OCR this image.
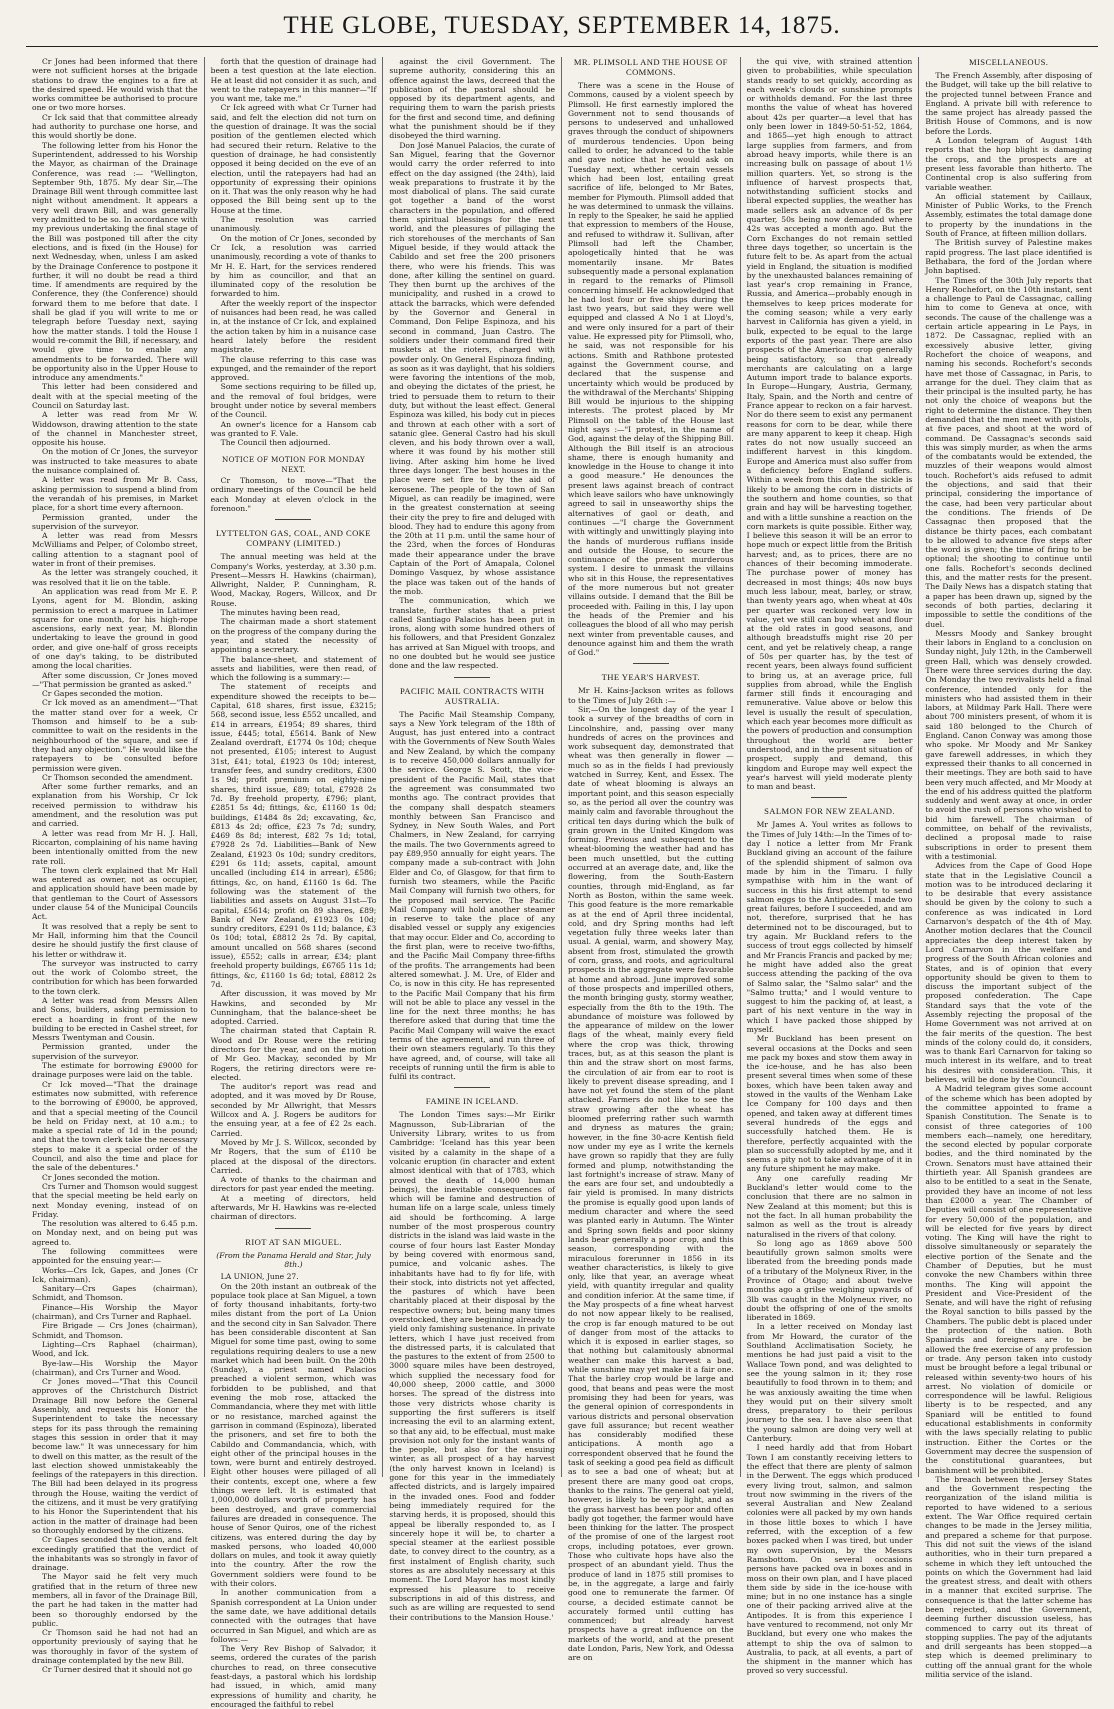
THE GLOBE, TUESDAY, SEPTEMBER 14, 1875.

Cr Jones had been informed that there were not sufficient horses at the brigade stations to draw the engines to a fire at the desired speed. He would wish that the works committee be authorised to procure one or two more horses.

Cr Ick said that that committee already had authority to purchase one horse, and this would shortly be done.

The following letter from his Honor the Superintendent, addressed to his Worship the Mayor, as chairman of the Drainage Conference, was read :— "Wellington, September 9th, 1875. My dear Sir,—The Drainage Bill went through committee last night without amendment. It appears a very well drawn Bill, and was generally very admitted to be so. In accordance with my previous undertaking the final stage of the Bill was postponed till after the city elections, and is fixed (in the House) for next Wednesday, when, unless I am asked by the Drainage Conference to postpone it further, it will no doubt be read a third time. If amendments are required by the Conference, they (the Conference) should forward them to me before that date. I shall be glad if you will write to me or telegraph before Tuesday next, saying how the matter stands. I told the House I would re-commit the Bill, if necessary, and would give time to enable any amendments to be forwarded. There will be opportunity also in the Upper House to introduce any amendments."

This letter had been considered and dealt with at the special meeting of the Council on Saturday last.

A letter was read from Mr W. Widdowson, drawing attention to the state of the channel in Manchester street, opposite his house.

On the motion of Cr Jones, the surveyor was instructed to take measures to abate the nuisance complained of.

A letter was read from Mr B. Cass, asking permission to suspend a blind from the verandah of his premises, in Market place, for a short time every afternoon.

Permission granted, under the supervision of the surveyor.

A letter was read from Messrs McWilliams and Pelper, of Colombo street, calling attention to a stagnant pool of water in front of their premises.

As the letter was strangely couched, it was resolved that it lie on the table.

An application was read from Mr E. P. Lyons, agent for M. Blondin, asking permission to erect a marquee in Latimer square for one month, for his high-rope ascensions, early next year, M. Blondin undertaking to leave the ground in good order, and give one-half of gross receipts of one day's taking, to be distributed among the local charities.

After some discussion, Cr Jones moved—"That permission be granted as asked."

Cr Gapes seconded the motion.

Cr Ick moved as an amendment—"That the matter stand over for a week, Cr Thomson and himself to be a sub-committee to wait on the residents in the neighbourhood of the square, and see if they had any objection." He would like the ratepayers to be consulted before permission were given.

Cr Thomson seconded the amendment.

After some further remarks, and an explanation from his Worship, Cr Ick received permission to withdraw his amendment, and the resolution was put and carried.

A letter was read from Mr H. J. Hall, Riccarton, complaining of his name having been intentionally omitted from the new rate roll.

The town clerk explained that Mr Hall was entered as owner, not as occupier, and application should have been made by that gentleman to the Court of Assessors under clause 54 of the Municipal Councils Act.

It was resolved that a reply be sent to Mr Hall, informing him that the Council desire he should justify the first clause of his letter or withdraw it.

The surveyor was instructed to carry out the work of Colombo street, the contribution for which has been forwarded to the town clerk.

A letter was read from Messrs Allen and Sons, builders, asking permission to erect a hoarding in front of the new building to be erected in Cashel street, for Messrs Twentyman and Cousin.

Permission granted, under the supervision of the surveyor.

The estimate for borrowing £9000 for drainage purposes were laid on the table.

Cr Ick moved—"That the drainage estimates now submitted, with reference to the borrowing of £9000, be approved, and that a special meeting of the Council be held on Friday next, at 10 a.m.; to make a special rate of 1d in the pound; and that the town clerk take the necessary steps to make it a special order of the Council, and also the time and place for the sale of the debentures."

Cr Jones seconded the motion.

Crs Turner and Thomson would suggest that the special meeting be held early on next Monday evening, instead of on Friday.

The resolution was altered to 6.45 p.m. on Monday next, and on being put was agreed to.

The following committees were appointed for the ensuing year:—

Works—Crs Ick, Gapes, and Jones (Cr Ick, chairman).

Sanitary—Crs Gapes (chairman), Schmidt, and Thomson.

Finance—His Worship the Mayor (chairman), and Crs Turner and Raphael.

Fire Brigade — Crs Jones (chairman), Schmidt, and Thomson.

Lighting—Crs Raphael (chairman), Wood, and Ick.

Bye-law—His Worship the Mayor (chairman), and Crs Turner and Wood.

Cr Jones moved—"That this Council approves of the Christchurch District Drainage Bill now before the General Assembly, and requests his Honor the Superintendent to take the necessary steps for its pass through the remaining stages this session in order that it may become law." It was unnecessary for him to dwell on this matter, as the result of the last election showed unmistakeably the feelings of the ratepayers in this direction. The Bill had been delayed in its progress through the House, waiting the verdict of the citizens, and it must be very gratifying to his Honor the Superintendent that his action in the matter of drainage had been so thoroughly endorsed by the citizens.

Cr Gapes seconded the motion, and felt exceedingly gratified that the verdict of the inhabitants was so strongly in favor of drainage.

The Mayor said he felt very much gratified that in the return of three new members, all in favor of the Drainage Bill, the part he had taken in the matter had been so thoroughly endorsed by the public.

Cr Thomson said he had not had an opportunity previously of saying that he was thoroughly in favor of the system of drainage contemplated by the new Bill.

Cr Turner desired that it should not go

forth that the question of drainage had been a test question at the late election. He at least did not consider it as such, and went to the ratepayers in this manner—"If you want me, take me."

Cr Ick agreed with what Cr Turner had said, and felt the election did not turn on the question of drainage. It was the social position of the gentlemen elected which had secured their return. Relative to the question of drainage, he had consistently opposed it being decided on the eve of an election, until the ratepayers had had an opportunity of expressing their opinions on it. That was the only reason why he had opposed the Bill being sent up to the House at the time.

The resolution was carried unanimously.

On the motion of Cr Jones, seconded by Cr Ick, a resolution was carried unanimously, recording a vote of thanks to Mr H. E. Hart, for the services rendered by him as councillor, and that an illuminated copy of the resolution be forwarded to him.

After the weekly report of the inspector of nuisances had been read, he was called in, at the instance of Cr Ick, and explained the action taken by him in a nuisance case heard lately before the resident magistrate.

The clause referring to this case was expunged, and the remainder of the report approved.

Some sections requiring to be filled up, and the removal of foul bridges, were brought under notice by several members of the Council.

An owner's licence for a Hansom cab was granted to F. Vale.

The Council then adjourned.

NOTICE OF MOTION FOR MONDAY NEXT.

Cr Thomson, to move—"That the ordinary meetings of the Council be held each Monday at eleven o'clock in the forenoon."

LYTTELTON GAS, COAL, AND COKE COMPANY (LIMITED.)

The annual meeting was held at the Company's Works, yesterday, at 3.30 p.m. Present—Messrs H. Hawkins (chairman), Allwright, Nalder, P. Cunningham, R. Wood, Mackay, Rogers, Willcox, and Dr Rouse.

The minutes having been read,

The chairman made a short statement on the progress of the company during the year, and stated the necessity of appointing a secretary.

The balance-sheet, and statement of assets and liabilities, were then read, of which the following is a summary:—

The statement of receipts and expenditure showed the receipts to be—Capital, 618 shares, first issue, £3215; 568, second issue, less £552 uncalled, and £14 in arrears, £1954; 89 shares, third issue, £445; total, £5614. Bank of New Zealand overdraft, £1774 0s 10d; cheque not presented, £105; interest to August 31st, £41; total, £1923 0s 10d; interest, transfer fees, and sundry creditors, £300 1s 9d; profit premium on eighty-nine shares, third issue, £89; total, £7928 2s 7d. By freehold property, £796; plant, £2851 5s 4d; fittings, &c, £1160 1s 0d; buildings, £1484 8s 2d; excavating, &c, £813 4s 2d; office, £23 7s 7d; sundry, £469 8s 8d; interest, £82 7s 1d; total, £7928 2s 7d. Liabilities—Bank of New Zealand, £1923 0s 10d; sundry creditors, £291 6s 11d; assets, capital, amount uncalled (including £14 in arrear), £586; fittings, &c, on hand, £1160 1s 6d. The following was the statement of the liabilities and assets on August 31st—To capital, £5614; profit on 89 shares, £89; Bank of New Zealand, £1923 0s 10d; sundry creditors, £291 0s 11d; balance, £3 0s 10d; total, £8812 2s 7d. By capital, amount uncalled on 568 shares (second issue), £552; calls in arrear, £34; plant freehold property buildings, £6765 11s 1d; fittings, &c, £1160 1s 6d; total, £8812 2s 7d.

After discussion, it was moved by Mr Hawkins, and seconded by Mr Cunningham, that the balance-sheet be adopted. Carried.

The chairman stated that Captain R. Wood and Dr Rouse were the retiring directors for the year, and on the motion of Mr Geo. Mackay, seconded by Mr Rogers, the retiring directors were re-elected.

The auditor's report was read and adopted, and it was moved by Dr Rouse, seconded by Mr Allwright, that Messrs Willcox and A. J. Rogers be auditors for the ensuing year, at a fee of £2 2s each. Carried.

Moved by Mr J. S. Willcox, seconded by Mr Rogers, that the sum of £110 be placed at the disposal of the directors. Carried.

A vote of thanks to the chairman and directors for past year ended the meeting.

At a meeting of directors, held afterwards, Mr H. Hawkins was re-elected chairman of directors.

RIOT AT SAN MIGUEL.
(From the Panama Herald and Star, July 8th.)

LA UNION, June 27.

On the 20th instant an outbreak of the populace took place at San Miguel, a town of forty thousand inhabitants, forty-two miles distant from the port of La Union and the second city in San Salvador. There has been considerable discontent at San Miguel for some time past, owing to some regulations requiring dealers to use a new market which had been built. On the 20th (Sunday), a priest named Palacios preached a violent sermon, which was forbidden to be published, and that evening the mob rose, attacked the Commandancia, where they met with little or no resistance, marched against the garrison in command (Espinoza), liberated the prisoners, and set fire to both the Cabildo and Commandancia, which, with eight other of the principal houses in the town, were burnt and entirely destroyed. Eight other houses were pillaged of all their contents, except one, where a few things were left. It is estimated that 1,000,000 dollars worth of property has been destroyed, and grave commercial failures are dreaded in consequence. The house of Senor Quiros, one of the richest citizens, was entered during the day by masked persons, who loaded 40,000 dollars on mules, and took it away quietly into the country. After the row the Government soldiers were found to be with their colors.

In another communication from a Spanish correspondent at La Union under the same date, we have additional details connected with the outrages that have occurred in San Miguel, and which are as follows:—

The Very Rev Bishop of Salvador, it seems, ordered the curates of the parish churches to read, on three consecutive feast-days, a pastoral which his lordship had issued, in which, amid many expressions of humility and charity, he encouraged the faithful to rebel

against the civil Government. The supreme authority, considering this an offence against the laws, decreed that the publication of the pastoral should be opposed by its department agents, and requiring them to warn the parish priests for the first and second time, and defining what the punishment should be if they disobeyed the third warning.

Don José Manuel Palacios, the curate of San Miguel, fearing that the Governor would carry the order referred to into effect on the day assigned (the 24th), laid weak preparations to frustrate it by the most diabolical of plans. The said curate got together a band of the worst characters in the population, and offered them spiritual blessings for the next world, and the pleasures of pillaging the rich storehouses of the merchants of San Miguel beside, if they would attack the Cabildo and set free the 200 prisoners there, who were his friends. This was done, after killing the sentinel on guard. They then burnt up the archives of the municipality, and rushed in a crowd to attack the barracks, which were defended by the Governor and General in Command, Don Felipe Espinoza, and his second in command, Juan Castro. The soldiers under their command fired their muskets at the rioters, charged with powder only. On General Espinoza finding, as soon as it was daylight, that his soldiers were favoring the intentions of the mob, and obeying the dictates of the priest, he tried to persuade them to return to their duty, but without the least effect. General Espinoza was killed, his body cut in pieces and thrown at each other with a sort of satanic glee. General Castro had his skull cleven, and his body thrown over a wall, where it was found by his mother still living. After asking him home he lived three days longer. The best houses in the place were set fire to by the aid of kerosene. The people of the town of San Miguel, as can readily be imagined, were in the greatest consternation at seeing their city the prey to fire and deluged with blood. They had to endure this agony from the 20th at 11 p.m. until the same hour of the 23rd, when the forces of Honduras made their appearance under the brave Captain of the Port of Amapala, Colonel Domingo Vasquez, by whose assistance the place was taken out of the hands of the mob.

The communication, which we translate, further states that a priest called Santiago Palacios has been put in irons, along with some hundred others of his followers, and that President Gonzalez has arrived at San Miguel with troops, and no one doubted but he would see justice done and the law respected.

PACIFIC MAIL CONTRACTS WITH AUSTRALIA.

The Pacific Mail Steamship Company, says a New York telegram of the 18th of August, has just entered into a contract with the Governments of New South Wales and New Zealand, by which the company is to receive 450,000 dollars annually for the service. George S. Scott, the vice-president of the Pacific Mail, states that the agreement was consummated two months ago. The contract provides that the company shall despatch steamers monthly between San Francisco and Sydney, in New South Wales, and Port Chalmers, in New Zealand, for carrying the mails. The two Governments agreed to pay £89,950 annually for eight years. The company made a sub-contract with John Elder and Co, of Glasgow, for that firm to furnish two steamers, while the Pacific Mail Company will furnish two others, for the proposed mail service. The Pacific Mail Company will hold another steamer in reserve to take the place of any disabled vessel or supply any exigencies that may occur. Elder and Co, according to the first plan, were to receive two-fifths, and the Pacific Mail Company three-fifths of the profits. The arrangements had been altered somewhat. J. M. Ure, of Elder and Co, is now in this city. He has represented to the Pacific Mail Company that his firm will not be able to place any vessel in the line for the next three months; he has therefore asked that during that time the Pacific Mail Company will waive the exact terms of the agreement, and run three of their own steamers regularly. To this they have agreed, and, of course, will take all receipts of running until the firm is able to fulfil its contract.

FAMINE IN ICELAND.

The London Times says:—Mr Eirikr Magnusson, Sub-Librarian of the University Library, writes to us from Cambridge: 'Iceland has this year been visited by a calamity in the shape of a volcanic eruption (in character and extent almost identical with that of 1783, which proved the death of 14,000 human beings), the inevitable consequences of which will be famine and destruction of human life on a large scale, unless timely aid should be forthcoming. A large number of the most prosperous country districts in the island was laid waste in the course of four hours last Easter Monday by being covered with enormous sand, pumice, and volcanic ashes. The inhabitants have had to fly for life, with their stock, into districts not yet affected, the pastures of which have been charitably placed at their disposal by the respective owners; but, being many times overstocked, they are beginning already to yield only famishing sustenance. In private letters, which I have just received from the distressed parts, it is calculated that the pastures to the extent of from 2500 to 3000 square miles have been destroyed, which supplied the necessary food for 40,000 sheep, 2000 cattle, and 3000 horses. The spread of the distress into those very districts whose charity is supporting the first sufferers is itself increasing the evil to an alarming extent, so that any aid, to be effectual, must make provision not only for the instant wants of the people, but also for the ensuing winter, as all prospect of a hay harvest (the only harvest known in Iceland) is gone for this year in the immediately affected districts, and is largely impaired in the invaded ones. Food and fodder being immediately required for the starving herds, it is proposed, should this appeal be liberally responded to, as I sincerely hope it will be, to charter a special steamer at the earliest possible date, to convey direct to the country, as a first instalment of English charity, such stores as are absolutely necessary at this moment. The Lord Mayor has most kindly expressed his pleasure to receive subscriptions in aid of this distress, and such as are willing are requested to send their contributions to the Mansion House.'

MR. PLIMSOLL AND THE HOUSE OF COMMONS.

There was a scene in the House of Commons, caused by a violent speech by Plimsoll. He first earnestly implored the Government not to send thousands of persons to undeserved and unhallowed graves through the conduct of shipowners of murderous tendencies. Upon being called to order, he advanced to the table and gave notice that he would ask on Tuesday next, whether certain vessels which had been lost, entailing great sacrifice of life, belonged to Mr Bates, member for Plymouth. Plimsoll added that he was determined to unmask the villains. In reply to the Speaker, he said he applied that expression to members of the House, and refused to withdraw it. Sullivan, after Plimsoll had left the Chamber, apologetically hinted that he was momentarily insane. Mr Bates subsequently made a personal explanation in regard to the remarks of Plimsoll concerning himself. He acknowledged that he had lost four or five ships during the last two years, but said they were well equipped and classed A No 1 at Lloyd's, and were only insured for a part of their value. He expressed pity for Plimsoll, who, he said, was not responsible for his actions. Smith and Rathbone protested against the Government course, and declared that the suspense and uncertainty which would be produced by the withdrawal of the Merchants' Shipping Bill would be injurious to the shipping interests. The protest placed by Mr Plimsoll on the table of the House last night says :—"I protest, in the name of God, against the delay of the Shipping Bill. Although the Bill itself is an atrocious shame, there is enough humanity and knowledge in the House to change it into a good measure." He denounces the present laws against breach of contract which leave sailors who have unknowingly agreed to sail in unseaworthy ships the alternatives of gaol or death, and continues —"I charge the Government with wittingly and unwittingly playing into the hands of murderous ruffians inside and outside the House, to secure the continuance of the present murderous system. I desire to unmask the villains who sit in this House, the representatives of the more numerous but not greater villains outside. I demand that the Bill be proceeded with. Failing in this, I lay upon the heads of the Premier and his colleagues the blood of all who may perish next winter from preventable causes, and denounce against him and them the wrath of God."

THE YEAR'S HARVEST.

Mr H. Kains-Jackson writes as follows to the Times of July 26th :—

Sir,—On the longest day of the year I took a survey of the breadths of corn in Lincolnshire, and, passing over many hundreds of acres on the provinces and work subsequent day, demonstrated that wheat was then generally in flower — much so as in the fields I had previously watched in Surrey, Kent, and Essex. The date of wheat blooming is always an important point, and this season especially so, as the period all over the country was mainly calm and favorable throughout the critical ten days during which the bulk of grain grown in the United Kingdom was forming. Previous and subsequent to the wheat-blooming the weather had and has been much unsettled, but the cutting occurred at an average date, and, like the flowering, from the South-Eastern counties, through mid-England, as far North as Boston, within the same week. This good feature is the more remarkable as at the end of April three incidental, cold, and dry Spring months had left vegetation fully three weeks later than usual. A genial, warm, and showery May, absent from frost, stimulated the growth of corn, grass, and roots, and agricultural prospects in the aggregate were favorable at home and abroad. June improved some of those prospects and imperilled others, the month bringing gusty, stormy weather, especially from the 8th to the 19th. The abundance of moisture was followed by the appearance of mildew on the lower flags of the wheat, mainly every field where the crop was thick, throwing traces, but, as at this season the plant is thin and the straw short on most farms, the circulation of air from ear to root is likely to prevent disease spreading, and I have not yet found the stem of the plant attacked. Farmers do not like to see the straw growing after the wheat has bloomed preferring rather such warmth and dryness as matures the grain; however, in the fine 30-acre Kentish field now under my eye as I write the kernels have grown so rapidly that they are fully formed and plump, notwithstanding the last fortnight's increase of straw. Many of the ears are four set, and undoubtedly a fair yield is promised. In many districts the promise is equally good upon lands of medium character and where the seed was planted early in Autumn. The Winter and Spring sown fields and poor skinny lands bear generally a poor crop, and this season, corresponding with the miraculous forerunner in 1856 in its weather characteristics, is likely to give only, like that year, an average wheat yield, with quantity irregular and quality and condition inferior. At the same time, if the May prospects of a fine wheat harvest do not now appear likely to be realised, the crop is far enough matured to be out of danger from most of the attacks to which it is exposed in earlier stages, so that nothing but calamitously abnormal weather can make this harvest a bad, while sunshine may yet make it a fair one. That the barley crop would be large and good, that beans and peas were the most promising they had been for years, was the general opinion of correspondents in various districts and personal observation gave full assurance; but recent weather has considerably modified these anticipations. A month ago a correspondent observed that he found the task of seeking a good pea field as difficult as to see a bad one of wheat; but at present there are many good oat crops, thanks to the rains. The general oat yield, however, is likely to be very light, and as the grass harvest has been poor and often badly got together, the farmer would have been thinking for the latter. The prospect of the promise of one of the largest root crops, including potatoes, ever grown. Those who cultivate hops have also the prospect of an abundant yield. Thus the produce of land in 1875 still promises to be, in the aggregate, a large and fairly good one to remunerate the farmer. Of course, a decided estimate cannot be accurately formed until cutting has commenced; but already harvest prospects have a great influence on the markets of the world, and at the present date London, Paris, New York, and Odessa are on

the qui vive, with strained attention given to probabilities, while speculation stands ready to set quickly, according as each week's clouds or sunshine prompts or withholds demand. For the last three months the value of wheat has hovered about 42s per quarter—a level that has only been lower in 1849-50-51-52, 1864, and 1865—yet high enough to attract large supplies from farmers, and from abroad heavy imports, while there is an increasing bulk on passage of about 1½ million quarters. Yet, so strong is the influence of harvest prospects that, notwithstanding sufficient stocks and liberal expected supplies, the weather has made sellers ask an advance of 8s per quarter, 50s being now demanded where 42s was accepted a month ago. But the Corn Exchanges do not remain settled three days together, so uncertain is the future felt to be. As apart from the actual yield in England, the situation is modified by the unexhausted balances remaining of last year's crop remaining in France, Russia, and America—probably enough in themselves to keep prices moderate for the coming season; while a very early harvest in California has given a yield, in bulk, expected to be equal to the large exports of the past year. There are also prospects of the American crop generally being satisfactory, so that already merchants are calculating on a large Autumn import trade to balance exports. In Europe—Hungary, Austria, Germany, Italy, Spain, and the North and centre of France appear to reckon on a fair harvest. Nor do there seem to exist any permanent reasons for corn to be dear, while there are many apparent to keep it cheap. High rates do not now usually succeed an indifferent harvest in this kingdom. Europe and America must also suffer from a deficiency before England suffers. Within a week from this date the sickle is likely to be among the corn in districts of the southern and home counties, so that grain and hay will be harvesting together, and with a little sunshine a reaction on the corn markets is quite possible. Either way, I believe this season it will be an error to hope much or expect little from the British harvest; and, as to prices, there are no chances of their becoming immoderate. The purchase power of money has decreased in most things; 40s now buys much less labour, meat, barley, or straw, than twenty years ago, when wheat at 40s per quarter was reckoned very low in value, yet we still can buy wheat and flour at the old rates in good seasons, and although breadstuffs might rise 20 per cent, and yet be relatively cheap, a range of 50s per quarter has, by the test of recent years, been always found sufficient to bring us, at an average price, full supplies from abroad, while the English farmer still finds it encouraging and remunerative. Value above or below this level is usually the result of speculation, which each year becomes more difficult as the powers of production and consumption throughout the world are better understood, and in the present situation of prospect, supply and demand, this kingdom and Europe may well expect the year's harvest will yield moderate plenty to man and beast.

SALMON FOR NEW ZEALAND.

Mr James A. Youl writes as follows to the Times of July 14th:—In the Times of to-day I notice a letter from Mr Frank Buckland giving an account of the failure of the splendid shipment of salmon ova made by him in the Timaru. I fully sympathise with him in the want of success in this his first attempt to send salmon eggs to the Antipodes. I made two great failures, before I succeeded, and am not, therefore, surprised that he has determined not to be discouraged, but to try again. Mr Buckland refers to the success of trout eggs collected by himself and Mr Francis Francis and packed by me; he might have added also the great success attending the packing of the ova of Salmo salar, the "Salmo salar" and the "Salmo trutta;" and I would venture to suggest to him the packing of, at least, a part of his next venture in the way in which I have packed those shipped by myself.

Mr Buckland has been present on several occasions at the Docks and seen me pack my boxes and stow them away in the ice-house, and he has also been present several times when some of these boxes, which have been taken away and stowed in the vaults of the Wenham Lake Ice Company for 100 days and then opened, and taken away at different times several hundreds of the eggs and successfully hatched them. He is therefore, perfectly acquainted with the plan so successfully adopted by me, and it seems a pity not to take advantage of it in any future shipment he may make.

Any one carefully reading Mr Buckland's letter would come to the conclusion that there are no salmon in New Zealand at this moment; but this is not the fact. In all human probability the salmon as well as the trout is already naturalised in the rivers of that colony.

So long ago as 1869 above 500 beautifully grown salmon smolts were liberated from the breeding ponds made of a tributary of the Molyneux River, in the Province of Otago; and about twelve months ago a grilse weighing upwards of 3lb was caught in the Molyneux river, no doubt the offspring of one of the smolts liberated in 1869.

In a letter received on Monday last from Mr Howard, the curator of the Southland Acclimatisation Society, he mentions he had just paid a visit to the Wallace Town pond, and was delighted to see the young salmon in it; they rose beautifully to food thrown in to them; and he was anxiously awaiting the time when they would put on their silvery smolt dress, preparatory to their perilous journey to the sea. I have also seen that the young salmon are doing very well at Canterbury.

I need hardly add that from Hobart Town I am constantly receiving letters to the effect that there are plenty of salmon in the Derwent. The eggs which produced every living trout, salmon, and salmon trout now swimming in the rivers of the several Australian and New Zealand colonies were all packed by my own hands in those little boxes to which I have referred, with the exception of a few boxes packed when I was tired, but under my own supervision, by the Messrs Ramsbottom. On several occasions persons have packed ova in boxes and in moss on their own plan, and I have placed them side by side in the ice-house with mine; but in no one instance has a single one of their packing arrived alive at the Antipodes. It is from this experience I have ventured to recommend, not only Mr Buckland, but every one who makes the attempt to ship the ova of salmon to Australia, to pack, at all events, a part of the shipment in the manner which has proved so very successful.

MISCELLANEOUS.

The French Assembly, after disposing of the Budget, will take up the bill relative to the projected tunnel between France and England. A private bill with reference to the same project has already passed the British House of Commons, and is now before the Lords.

A London telegram of August 14th reports that the hop blight is damaging the crops, and the prospects are at present less favorable than hitherto. The Continental crop is also suffering from variable weather.

An official statement by Caillaux, Minister of Public Works, to the French Assembly, estimates the total damage done to property by the inundations in the South of France, at fifteen million dollars.

The British survey of Palestine makes rapid progress. The last place identified is Bethabara, the ford of the Jordan where John baptised.

The Times of the 30th July reports that Henry Rochefort, on the 10th instant, sent a challenge to Paul de Cassagnac, calling him to come to Geneva at once, with seconds. The cause of the challenge was a certain article appearing in Le Pays, in 1872. De Cassagnac, replied with an excessively abusive letter, giving Rochefort the choice of weapons, and naming his seconds. Rochefort's seconds have met those of Cassagnac, in Paris, to arrange for the duel. They claim that as their principal is the insulted party, he has not only the choice of weapons but the right to determine the distance. They then demanded that the men meet with pistols, at five paces, and shoot at the word of command. De Cassagnac's seconds said this was simply murder, as when the arms of the combatants would be extended, the muzzles of their weapons would almost touch. Rochefort's aids refused to admit the objections, and said that their principal, considering the importance of the case, had been very particular about the conditions. The friends of De Cassagnac then proposed that the distance be thirty paces, each combatant to be allowed to advance five steps after the word is given; the time of firing to be optional; the shooting to continue until one falls. Rochefort's seconds declined this, and the matter rests for the present. The Daily News has a dispatch stating that a paper has been drawn up, signed by the seconds of both parties, declaring it impossible to settle the conditions of the duel.

Messrs Moody and Sankey brought their labors in England to a conclusion on Sunday night, July 12th, in the Camberwell green Hall, which was densely crowded. There were three services during the day. On Monday the two revivalists held a final conference, intended only for the ministers who had assisted them in their labors, at Mildmay Park Hall. There were about 700 ministers present, of whom it is said 180 belonged to the Church of England. Canon Conway was among those who spoke. Mr Moody and Mr Sankey gave farewell addresses, in which they expressed their thanks to all concerned in their meetings. They are both said to have been very much affected, and Mr Moody at the end of his address quitted the platform suddenly and went away at once, in order to avoid the rush of persons who wished to bid him farewell. The chairman of committee, on behalf of the revivalists, declined a proposal made to raise subscriptions in order to present them with a testimonial.

Advices from the Cape of Good Hope state that in the Legislative Council a motion was to be introduced declaring it to be desirable that every assistance should be given by the colony to such a conference as was indicated in Lord Carnarvon's despatch of the 4th of May. Another motion declares that the Council appreciates the deep interest taken by Lord Carnarvon in the welfare and progress of the South African colonies and States, and is of opinion that every opportunity should be given to them to discuss the important subject of the proposed confederation. The Cape Standard says that the vote of the Assembly rejecting the proposal of the Home Government was not arrived at on the fair merits of the question. The best minds of the colony could do, it considers, was to thank Earl Carnarvon for taking so much interest in its welfare, and to treat his desires with consideration. This, it believes, will be done by the Council.

A Madrid telegram gives some account of the scheme which has been adopted by the committee appointed to frame a Spanish Constitution. The Senate is to consist of three categories of 100 members each—namely, one hereditary, the second elected by popular corporate bodies, and the third nominated by the Crown. Senators must have attained their thirtieth year. All Spanish grandees are also to be entitled to a seat in the Senate, provided they have an income of not less than £2000 a year. The Chamber of Deputies will consist of one representative for every 50,000 of the population, and will be elected for five years by direct voting. The King will have the right to dissolve simultaneously or separately the elective portion of the Senate and the Chamber of Deputies, but he must convoke the new Chambers within three months. The King will appoint the President and Vice-President of the Senate, and will have the right of refusing the Royal sanction to bills passed by the Chambers. The public debt is placed under the protection of the nation. Both Spaniards and foreigners are to be allowed the free exercise of any profession or trade. Any person taken into custody must be brought before a legal tribunal or released within seventy-two hours of his arrest. No violation of domicile or correspondence will be lawful. Religious liberty is to be respected, and any Spaniard will be entitled to found educational establishments in conformity with the laws specially relating to public instruction. Either the Cortes or the Government may decree the suspension of the constitutional guarantees, but banishment will be prohibited.

The breach between the Jersey States and the Government respecting the reorganization of the island militia is reported to have widened to a serious extent. The War Office required certain changes to be made in the Jersey militia, and prepared a scheme for that purpose. This did not suit the views of the island authorities, who in their turn prepared a scheme in which they left untouched the points on which the Government had laid the greatest stress, and dealt with others in a manner that excited surprise. The consequence is that the latter scheme has been rejected, and the Government, deeming further discussion useless, has commenced to carry out its threat of stopping supplies. The pay of the adjutants and drill sergeants has been stopped—a step which is deemed preliminary to cutting off the annual grant for the whole militia service of the island.
